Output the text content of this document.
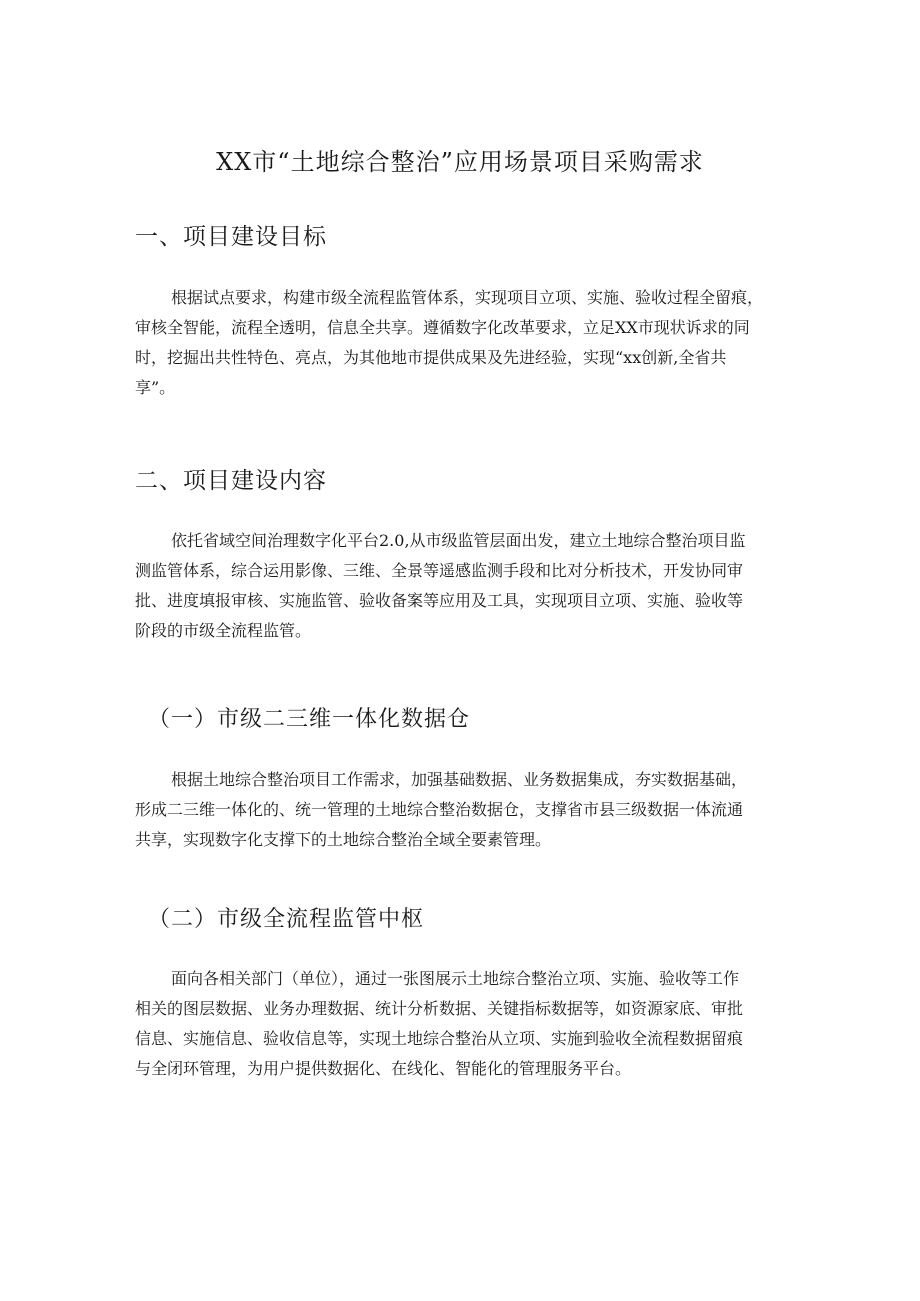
XX市“土地综合整治”应用场景项目采购需求
一、项目建设目标
根据试点要求，构建市级全流程监管体系，实现项目立项、实施、验收过程全留痕，
审核全智能，流程全透明，信息全共享。遵循数字化改革要求，立足XX市现状诉求的同
时，挖掘出共性特色、亮点，为其他地市提供成果及先进经验，实现“xx创新,全省共
享”。
二、项目建设内容
依托省域空间治理数字化平台2.0,从市级监管层面出发，建立土地综合整治项目监
测监管体系，综合运用影像、三维、全景等遥感监测手段和比对分析技术，开发协同审
批、进度填报审核、实施监管、验收备案等应用及工具，实现项目立项、实施、验收等
阶段的市级全流程监管。
（一）市级二三维一体化数据仓
根据土地综合整治项目工作需求，加强基础数据、业务数据集成，夯实数据基础，
形成二三维一体化的、统一管理的土地综合整治数据仓，支撑省市县三级数据一体流通
共享，实现数字化支撑下的土地综合整治全域全要素管理。
（二）市级全流程监管中枢
面向各相关部门（单位），通过一张图展示土地综合整治立项、实施、验收等工作
相关的图层数据、业务办理数据、统计分析数据、关键指标数据等，如资源家底、审批
信息、实施信息、验收信息等，实现土地综合整治从立项、实施到验收全流程数据留痕
与全闭环管理，为用户提供数据化、在线化、智能化的管理服务平台。
